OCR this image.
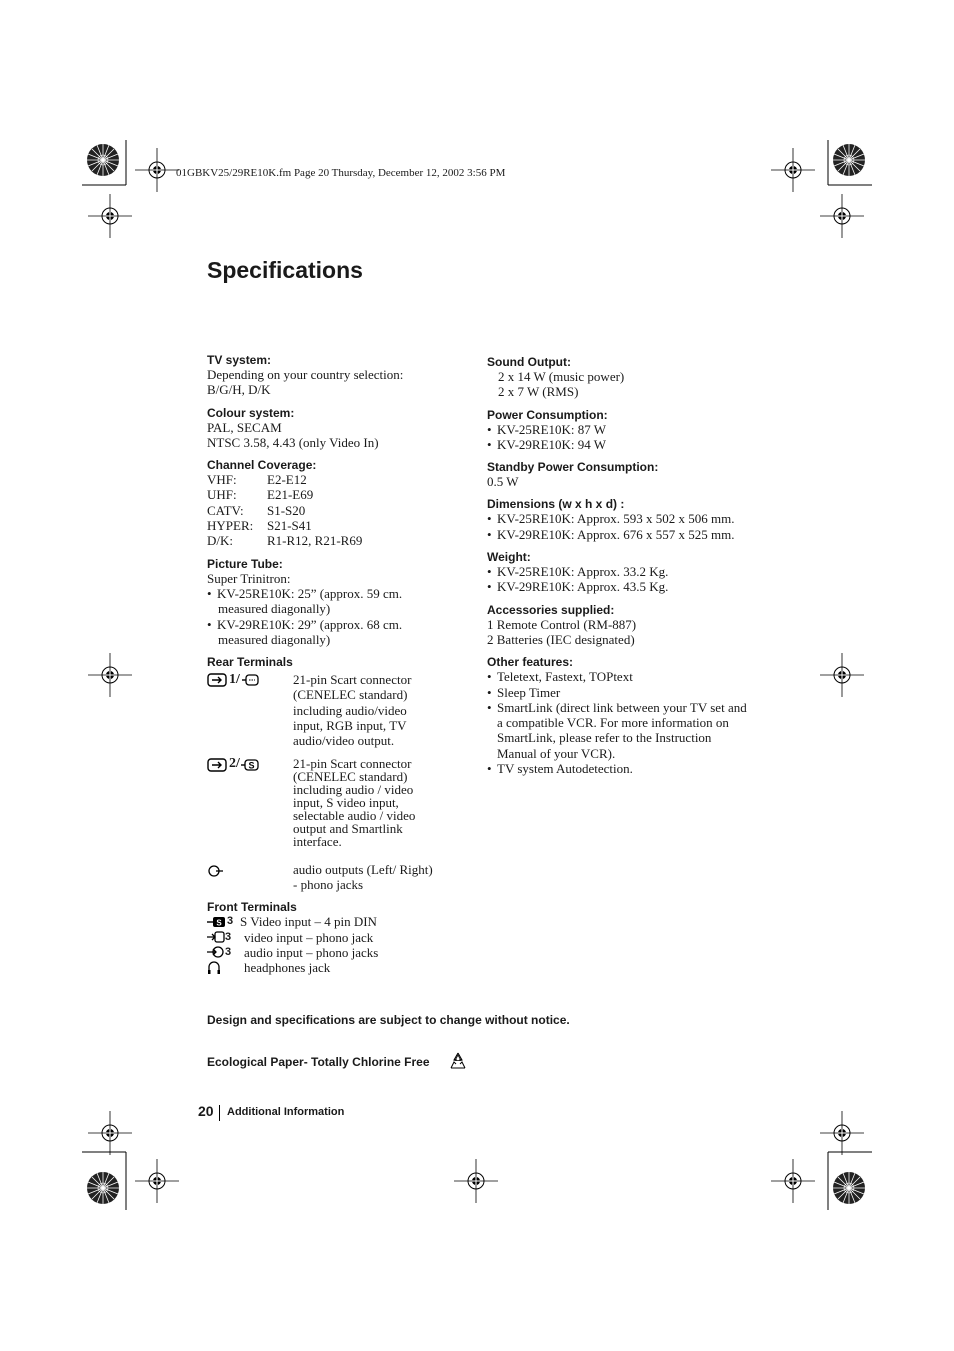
01GBKV25/29RE10K.fm Page 20 Thursday, December 12, 2002 3:56 PM
Specifications
TV system:
Depending on your country selection:
B/G/H, D/K
Colour system:
PAL, SECAM
NTSC 3.58, 4.43 (only Video In)
Channel Coverage:
VHF:	E2-E12
UHF:	E21-E69
CATV:	S1-S20
HYPER:	S21-S41
D/K:	R1-R12, R21-R69
Picture Tube:
Super Trinitron:
• KV-25RE10K: 25” (approx. 59 cm.
measured diagonally)
• KV-29RE10K: 29” (approx. 68 cm.
measured diagonally)
Rear Terminals
1/	21-pin Scart connector (CENELEC standard) including audio/video input, RGB input, TV audio/video output.
2/ S	21-pin Scart connector (CENELEC standard) including audio / video input, S video input, selectable audio / video output and Smartlink interface.
audio outputs (Left/ Right) - phono jacks
Front Terminals
S 3 S Video input – 4 pin DIN
3 video input – phono jack
3 audio input – phono jacks
headphones jack
Sound Output:
2 x 14 W (music power)
2 x 7 W (RMS)
Power Consumption:
• KV-25RE10K: 87 W
• KV-29RE10K: 94 W
Standby Power Consumption:
0.5 W
Dimensions (w x h x d) :
• KV-25RE10K: Approx. 593 x 502 x 506 mm.
• KV-29RE10K: Approx. 676 x 557 x 525 mm.
Weight:
• KV-25RE10K: Approx. 33.2 Kg.
• KV-29RE10K: Approx. 43.5 Kg.
Accessories supplied:
1 Remote Control (RM-887)
2 Batteries (IEC designated)
Other features:
• Teletext, Fastext, TOPtext
• Sleep Timer
• SmartLink (direct link between your TV set and a compatible VCR. For more information on SmartLink, please refer to the Instruction Manual of your VCR).
• TV system Autodetection.
Design and specifications are subject to change without notice.
Ecological Paper- Totally Chlorine Free
20 Additional Information
